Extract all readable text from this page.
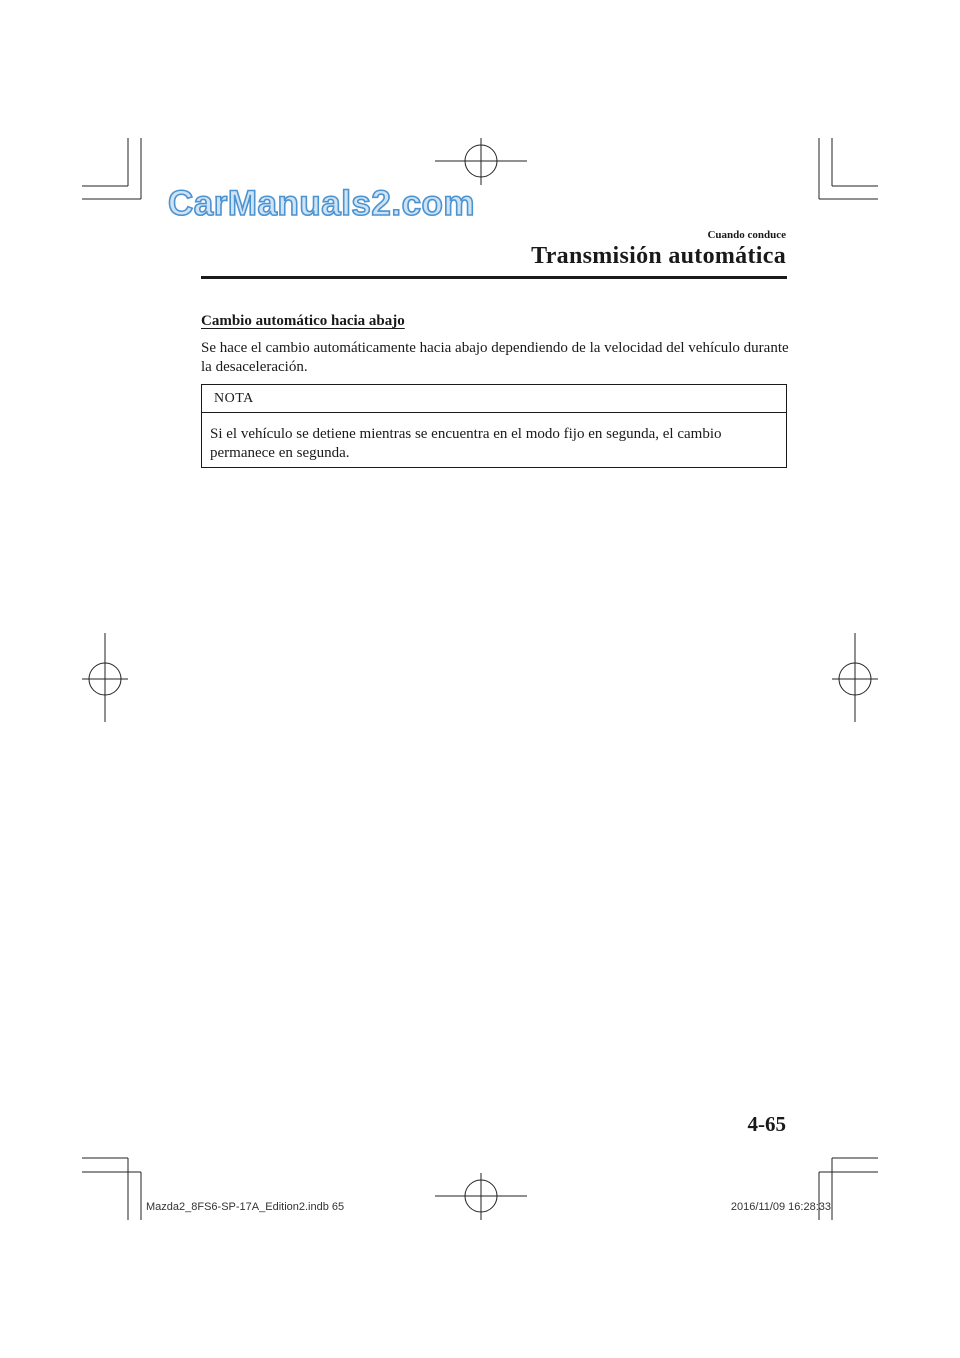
CarManuals2.com
Cuando conduce
Transmisión automática
Cambio automático hacia abajo

Se hace el cambio automáticamente hacia abajo dependiendo de la velocidad del vehículo durante la desaceleración.

NOTA

Si el vehículo se detiene mientras se encuentra en el modo fijo en segunda, el cambio permanece en segunda.

4-65
Mazda2_8FS6-SP-17A_Edition2.indb 65	2016/11/09 16:28:33
